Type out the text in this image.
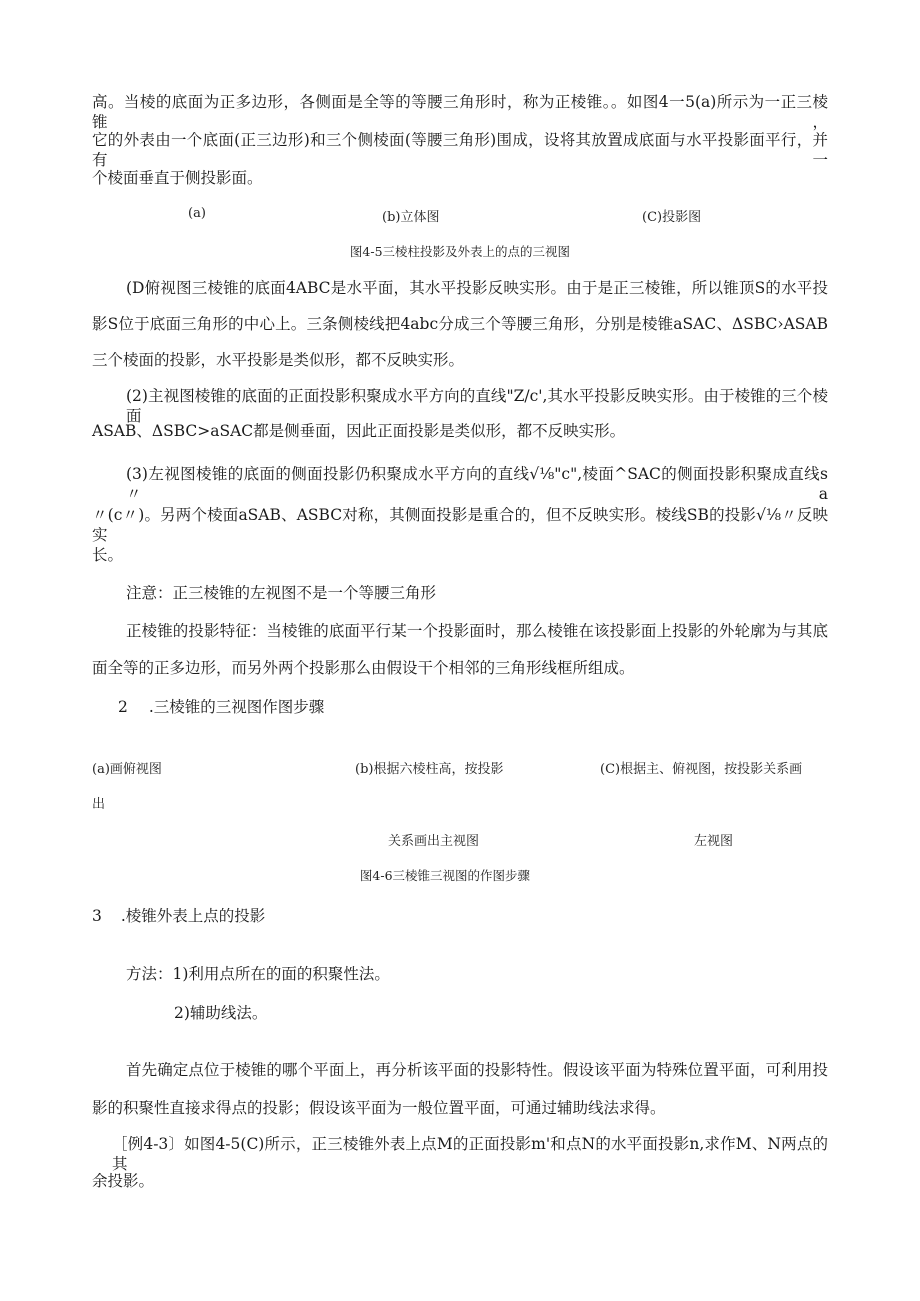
高。当棱的底面为正多边形，各侧面是全等的等腰三角形时，称为正棱锥。。如图4一5(a)所示为一正三棱锥，
它的外表由一个底面(正三边形)和三个侧棱面(等腰三角形)围成，设将其放置成底面与水平投影面平行，并有一
个棱面垂直于侧投影面。
(a)	(b)立体图	(C)投影图
图4-5三棱柱投影及外表上的点的三视图
(D俯视图三棱锥的底面4ABC是水平面，其水平投影反映实形。由于是正三棱锥，所以锥顶S的水平投
影S位于底面三角形的中心上。三条侧棱线把4abc分成三个等腰三角形，分别是棱锥aSAC、ΔSBC›ASAB
三个棱面的投影，水平投影是类似形，都不反映实形。
(2)主视图棱锥的底面的正面投影积聚成水平方向的直线"Z/c',其水平投影反映实形。由于棱锥的三个棱面
ASAB、ΔSBC>aSAC都是侧垂面，因此正面投影是类似形，都不反映实形。
(3)左视图棱锥的底面的侧面投影仍积聚成水平方向的直线√⅛"c",棱面^SAC的侧面投影积聚成直线s〃a
〃(c〃)。另两个棱面aSAB、ASBC对称，其侧面投影是重合的，但不反映实形。棱线SB的投影√⅛〃反映实
长。
注意：正三棱锥的左视图不是一个等腰三角形
正棱锥的投影特征：当棱锥的底面平行某一个投影面时，那么棱锥在该投影面上投影的外轮廓为与其底
面全等的正多边形，而另外两个投影那么由假设干个相邻的三角形线框所组成。
2 .三棱锥的三视图作图步骤
(a)画俯视图	(b)根据六棱柱高，按投影	(C)根据主、俯视图，按投影关系画
出
关系画出主视图	左视图
图4-6三棱锥三视图的作图步骤
3 .棱锥外表上点的投影
方法：1)利用点所在的面的积聚性法。
2)辅助线法。
首先确定点位于棱锥的哪个平面上，再分析该平面的投影特性。假设该平面为特殊位置平面，可利用投
影的积聚性直接求得点的投影；假设该平面为一般位置平面，可通过辅助线法求得。
［例4-3〕如图4-5(C)所示，正三棱锥外表上点M的正面投影m'和点N的水平面投影n,求作M、N两点的其
余投影。
